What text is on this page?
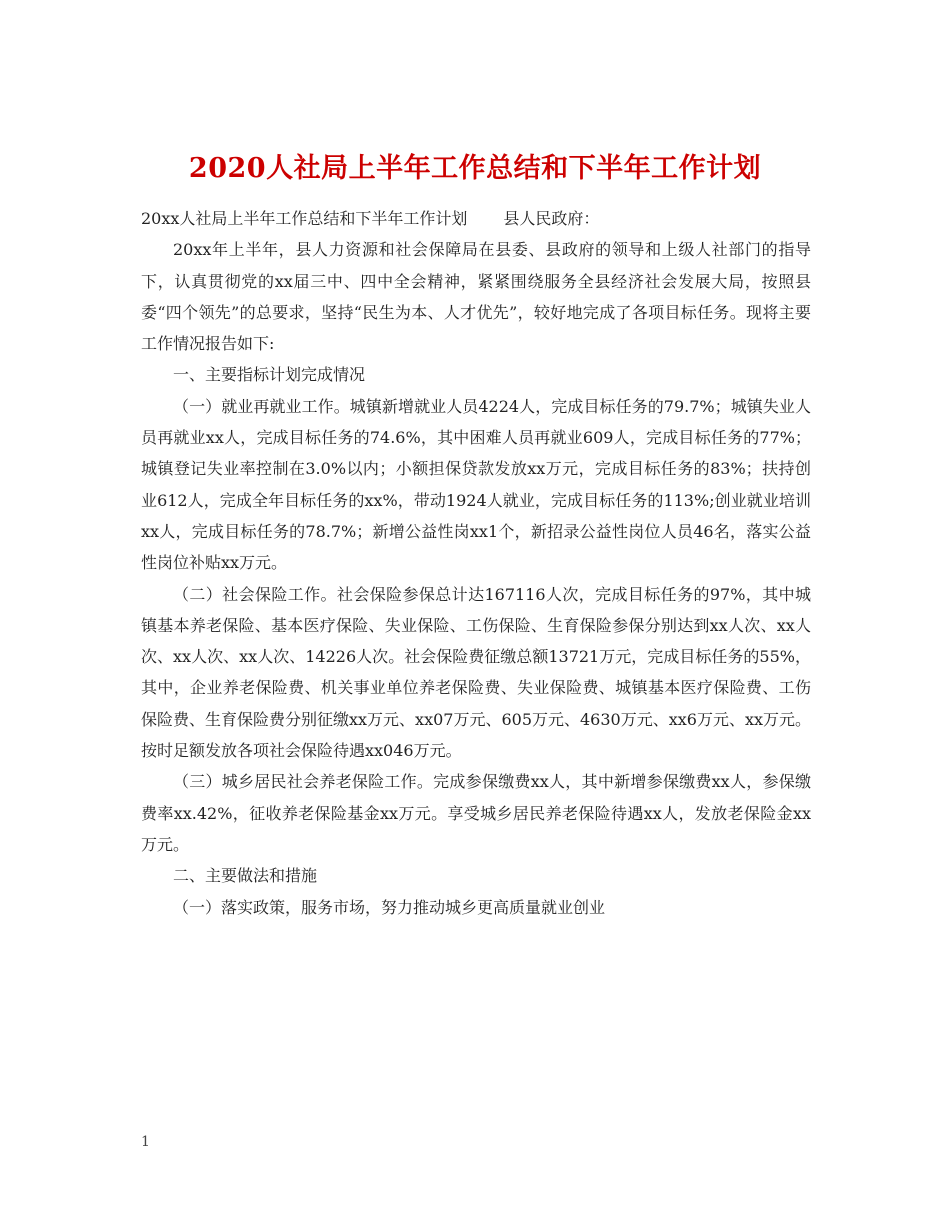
2020人社局上半年工作总结和下半年工作计划

20xx人社局上半年工作总结和下半年工作计划 县人民政府：

20xx年上半年，县人力资源和社会保障局在县委、县政府的领导和上级人社部门的指导下，认真贯彻党的xx届三中、四中全会精神，紧紧围绕服务全县经济社会发展大局，按照县委“四个领先”的总要求，坚持“民生为本、人才优先”，较好地完成了各项目标任务。现将主要工作情况报告如下:

一、主要指标计划完成情况

（一）就业再就业工作。城镇新增就业人员4224人，完成目标任务的79.7%；城镇失业人员再就业xx人，完成目标任务的74.6%，其中困难人员再就业609人，完成目标任务的77%；城镇登记失业率控制在3.0%以内；小额担保贷款发放xx万元，完成目标任务的83%；扶持创业612人，完成全年目标任务的xx%，带动1924人就业，完成目标任务的113%;创业就业培训xx人，完成目标任务的78.7%；新增公益性岗xx1个，新招录公益性岗位人员46名，落实公益性岗位补贴xx万元。

（二）社会保险工作。社会保险参保总计达167116人次，完成目标任务的97%，其中城镇基本养老保险、基本医疗保险、失业保险、工伤保险、生育保险参保分别达到xx人次、xx人次、xx人次、xx人次、14226人次。社会保险费征缴总额13721万元，完成目标任务的55%，其中，企业养老保险费、机关事业单位养老保险费、失业保险费、城镇基本医疗保险费、工伤保险费、生育保险费分别征缴xx万元、xx07万元、605万元、4630万元、xx6万元、xx万元。按时足额发放各项社会保险待遇xx046万元。

（三）城乡居民社会养老保险工作。完成参保缴费xx人，其中新增参保缴费xx人，参保缴费率xx.42%，征收养老保险基金xx万元。享受城乡居民养老保险待遇xx人，发放老保险金xx万元。

二、主要做法和措施

（一）落实政策，服务市场，努力推动城乡更高质量就业创业

1
